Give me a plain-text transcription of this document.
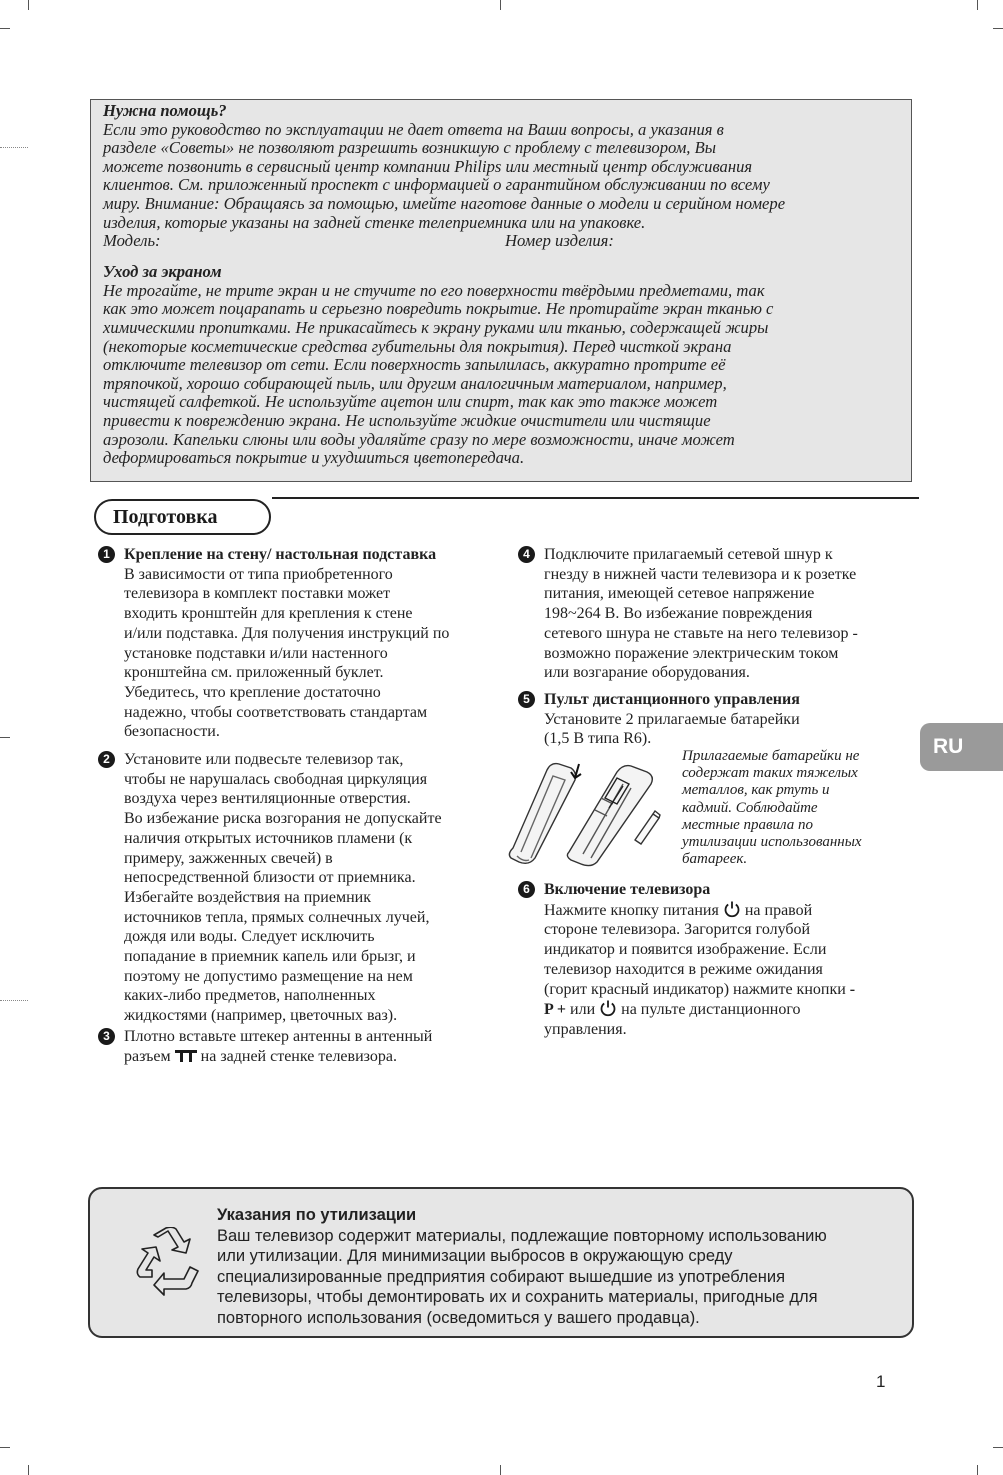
Нужна помощь?

Если это руководство по эксплуатации не дает ответа на Ваши вопросы, а указания в

разделе «Советы» не позволяют разрешить возникшую с проблему с телевизором, Вы

можете позвонить в сервисный центр компании Philips или местный центр обслуживания

клиентов. См. приложенный проспект с информацией о гарантийном обслуживании по всему

миру. Внимание: Обращаясь за помощью, имейте наготове данные о модели и серийном номере

изделия, которые указаны на задней стенке телеприемника или на упаковке.

Модель:	Номер изделия:

Уход за экраном

Не трогайте, не трите экран и не стучите по его поверхности твёрдыми предметами, так

как это может поцарапать и серьезно повредить покрытие. Не протирайте экран тканью с

химическими пропитками. Не прикасайтесь к экрану руками или тканью, содержащей жиры

(некоторые косметические средства губительны для покрытия). Перед чисткой экрана

отключите телевизор от сети. Если поверхность запылилась, аккуратно протрите её

тряпочкой, хорошо собирающей пыль, или другим аналогичным материалом, например,

чистящей салфеткой. Не используйте ацетон или спирт, так как это также может

привести к повреждению экрана. Не используйте жидкие очистители или чистящие

аэрозоли. Капельки слюны или воды удаляйте сразу по мере возможности, иначе может

деформироваться покрытие и ухудшиться цветопередача.

Подготовка
1 Крепление на стену/ настольная подставка

В зависимости от типа приобретенного

телевизора в комплект поставки может

входить кронштейн для крепления к стене

и/или подставка. Для получения инструкций по

установке подставки и/или настенного

кронштейна см. приложенный буклет.

Убедитесь, что крепление достаточно

надежно, чтобы соответствовать стандартам

безопасности.

2 Установите или подвесьте телевизор так,

чтобы не нарушалась свободная циркуляция

воздуха через вентиляционные отверстия.

Во избежание риска возгорания не допускайте

наличия открытых источников пламени (к

примеру, зажженных свечей) в

непосредственной близости от приемника.

Избегайте воздействия на приемник

источников тепла, прямых солнечных лучей,

дождя или воды. Следует исключить

попадание в приемник капель или брызг, и

поэтому не допустимо размещение на нем

каких-либо предметов, наполненных

жидкостями (например, цветочных ваз).

3 Плотно вставьте штекер антенны в антенный

разъем на задней стенке телевизора.

4 Подключите прилагаемый сетевой шнур к

гнезду в нижней части телевизора и к розетке

питания, имеющей сетевое напряжение

198~264 В. Во избежание повреждения

сетевого шнура не ставьте на него телевизор -

возможно поражение электрическим током

или возгарание оборудования.

5 Пульт дистанционного управления

Установите 2 прилагаемые батарейки

(1,5 В типа R6).

Прилагаемые батарейки не
содержат таких тяжелых
металлов, как ртуть и
кадмий. Соблюдайте
местные правила по
утилизации использованных
батареек.
6 Включение телевизора

Нажмите кнопку питания на правой

стороне телевизора. Загорится голубой

индикатор и появится изображение. Если

телевизор находится в режиме ожидания

(горит красный индикатор) нажмите кнопки -

P + или на пульте дистанционного

управления.

RU

Указания по утилизации

Ваш телевизор содержит материалы, подлежащие повторному использованию

или утилизации. Для минимизации выбросов в окружающую среду

специализированные предприятия собирают вышедшие из употребления

телевизоры, чтобы демонтировать их и сохранить материалы, пригодные для

повторного использования (осведомиться у вашего продавца).

1
